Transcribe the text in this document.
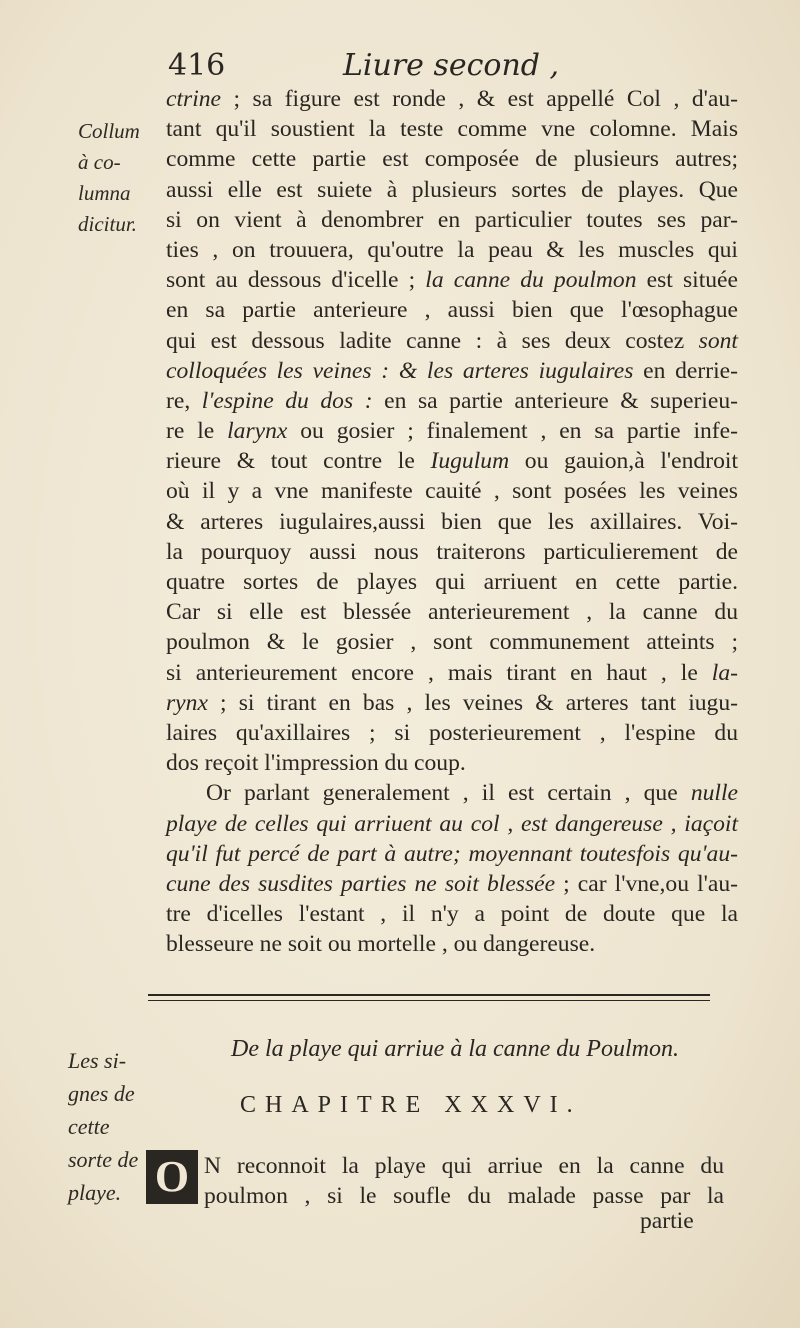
416	Liure second ,
Collum
à co-
lumna
dicitur.
ctrine ; sa figure est ronde , & est appellé Col , d'au-
tant qu'il soustient la teste comme vne colomne. Mais
comme cette partie est composée de plusieurs autres;
aussi elle est suiete à plusieurs sortes de playes. Que
si on vient à denombrer en particulier toutes ses par-
ties , on trouuera, qu'outre la peau & les muscles qui
sont au dessous d'icelle ; la canne du poulmon est située
en sa partie anterieure , aussi bien que l'œsophague
qui est dessous ladite canne : à ses deux costez sont
colloquées les veines : & les arteres iugulaires en derrie-
re, l'espine du dos : en sa partie anterieure & superieu-
re le larynx ou gosier ; finalement , en sa partie infe-
rieure & tout contre le Iugulum ou gauion,à l'endroit
où il y a vne manifeste cauité , sont posées les veines
& arteres iugulaires,aussi bien que les axillaires. Voi-
la pourquoy aussi nous traiterons particulierement de
quatre sortes de playes qui arriuent en cette partie.
Car si elle est blessée anterieurement , la canne du
poulmon & le gosier , sont communement atteints ;
si anterieurement encore , mais tirant en haut , le la-
rynx ; si tirant en bas , les veines & arteres tant iugu-
laires qu'axillaires ; si posterieurement , l'espine du
dos reçoit l'impression du coup.
Or parlant generalement , il est certain , que nulle
playe de celles qui arriuent au col , est dangereuse , iaçoit
qu'il fut percé de part à autre; moyennant toutesfois qu'au-
cune des susdites parties ne soit blessée ; car l'vne,ou l'au-
tre d'icelles l'estant , il n'y a point de doute que la
blesseure ne soit ou mortelle , ou dangereuse.
Les si-
gnes de
cette
sorte de
playe.
De la playe qui arriue à la canne du Poulmon.
CHAPITRE XXXVI.
O N reconnoit la playe qui arriue en la canne du
poulmon , si le soufle du malade passe par la
partie
